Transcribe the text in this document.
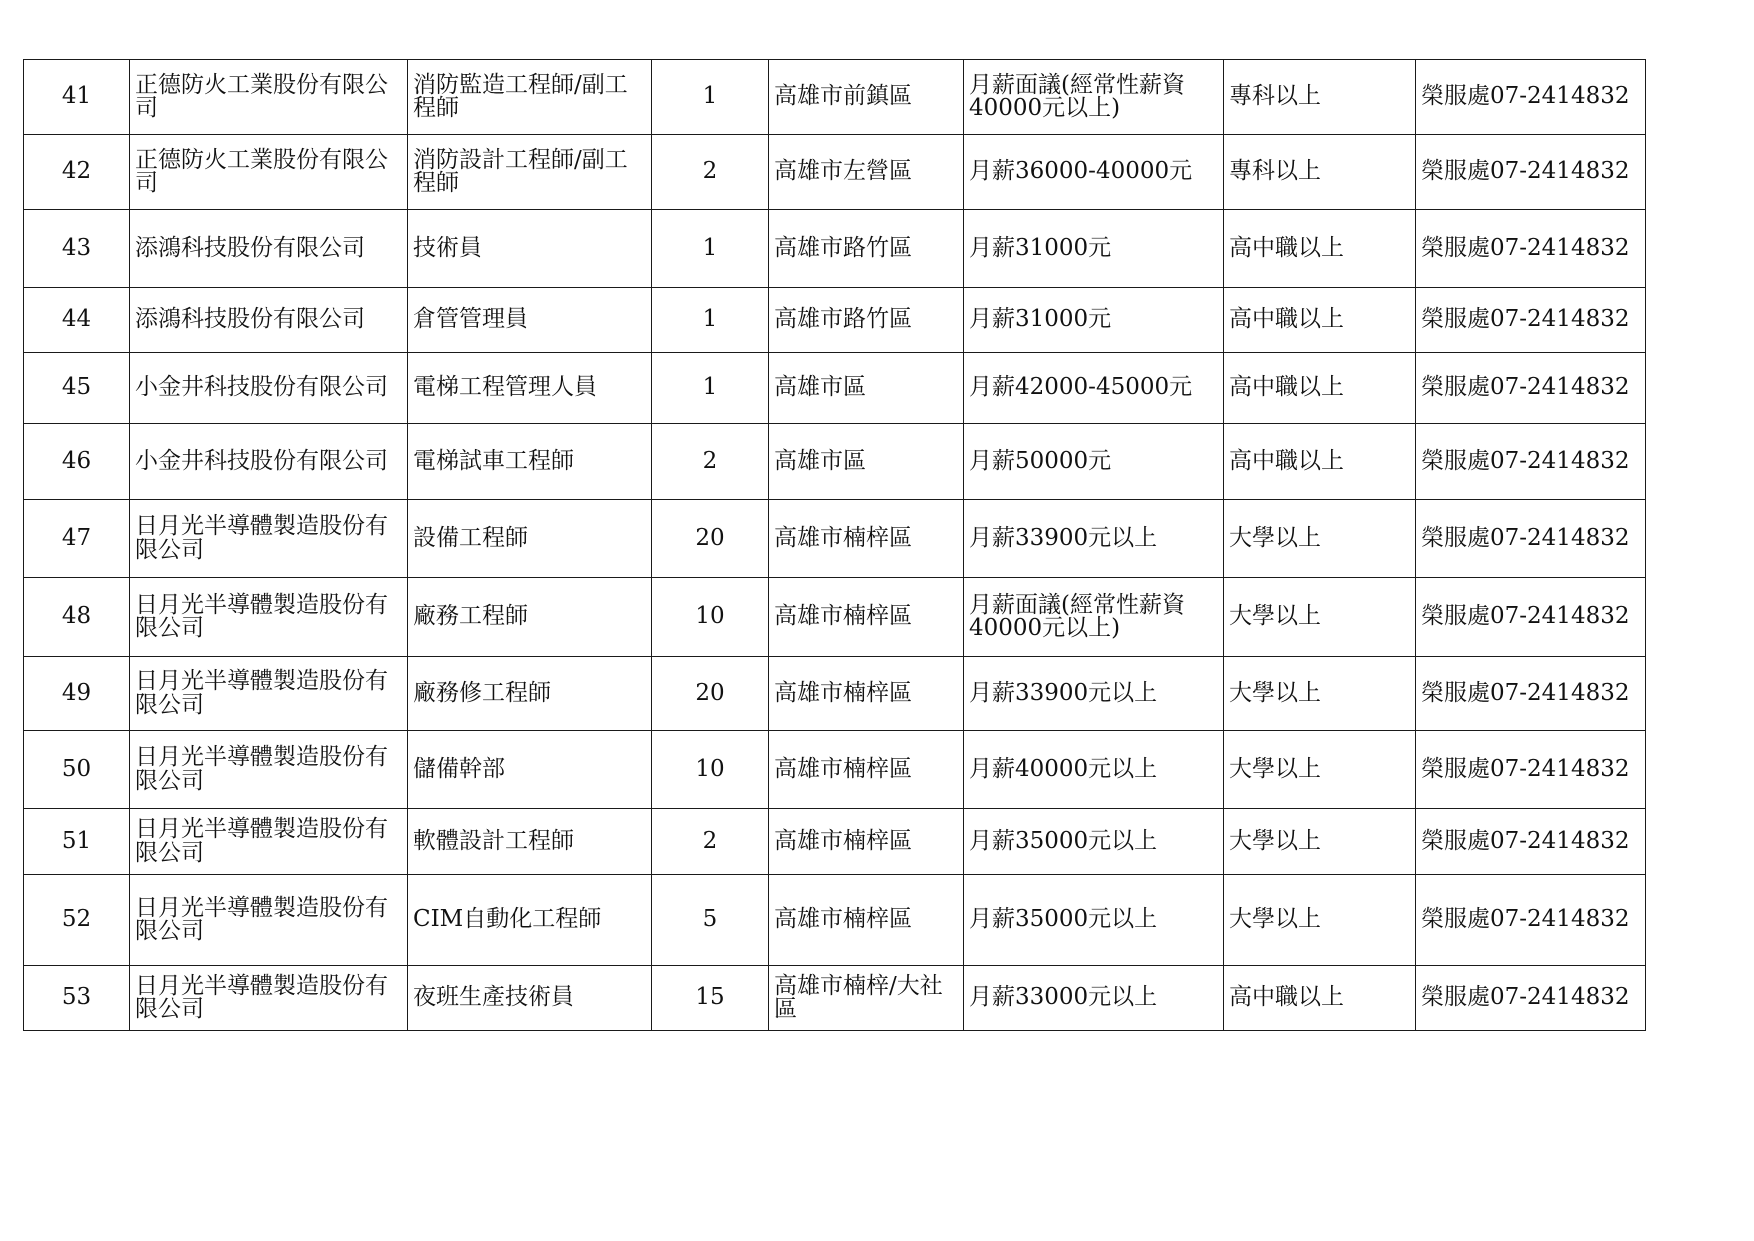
41	正德防火工業股份有限公司	消防監造工程師/副工程師	1	高雄市前鎮區	月薪面議(經常性薪資40000元以上)	專科以上	榮服處07-2414832
42	正德防火工業股份有限公司	消防設計工程師/副工程師	2	高雄市左營區	月薪36000-40000元	專科以上	榮服處07-2414832
43	添鴻科技股份有限公司	技術員	1	高雄市路竹區	月薪31000元	高中職以上	榮服處07-2414832
44	添鴻科技股份有限公司	倉管管理員	1	高雄市路竹區	月薪31000元	高中職以上	榮服處07-2414832
45	小金井科技股份有限公司	電梯工程管理人員	1	高雄市區	月薪42000-45000元	高中職以上	榮服處07-2414832
46	小金井科技股份有限公司	電梯試車工程師	2	高雄市區	月薪50000元	高中職以上	榮服處07-2414832
47	日月光半導體製造股份有限公司	設備工程師	20	高雄市楠梓區	月薪33900元以上	大學以上	榮服處07-2414832
48	日月光半導體製造股份有限公司	廠務工程師	10	高雄市楠梓區	月薪面議(經常性薪資40000元以上)	大學以上	榮服處07-2414832
49	日月光半導體製造股份有限公司	廠務修工程師	20	高雄市楠梓區	月薪33900元以上	大學以上	榮服處07-2414832
50	日月光半導體製造股份有限公司	儲備幹部	10	高雄市楠梓區	月薪40000元以上	大學以上	榮服處07-2414832
51	日月光半導體製造股份有限公司	軟體設計工程師	2	高雄市楠梓區	月薪35000元以上	大學以上	榮服處07-2414832
52	日月光半導體製造股份有限公司	CIM自動化工程師	5	高雄市楠梓區	月薪35000元以上	大學以上	榮服處07-2414832
53	日月光半導體製造股份有限公司	夜班生產技術員	15	高雄市楠梓/大社區	月薪33000元以上	高中職以上	榮服處07-2414832
